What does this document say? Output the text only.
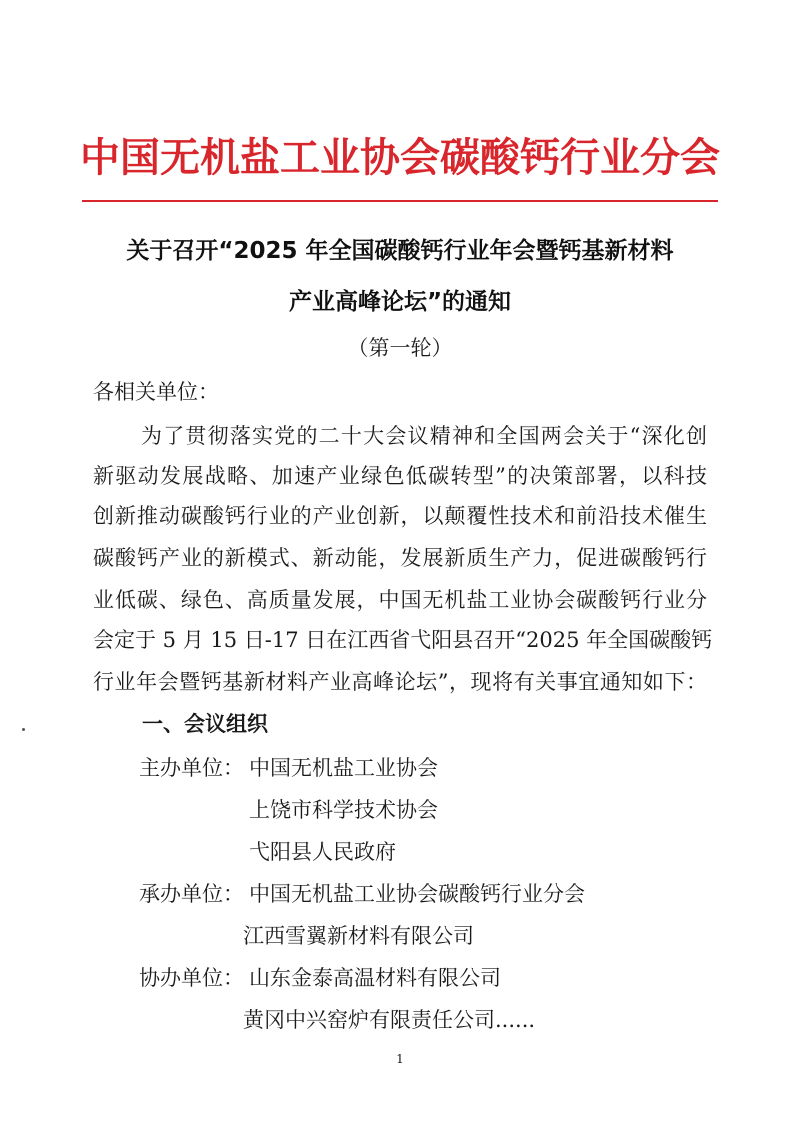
中国无机盐工业协会碳酸钙行业分会
关于召开“2025 年全国碳酸钙行业年会暨钙基新材料
产业高峰论坛”的通知
（第一轮）
各相关单位：
为了贯彻落实党的二十大会议精神和全国两会关于“深化创
新驱动发展战略、加速产业绿色低碳转型”的决策部署，以科技
创新推动碳酸钙行业的产业创新，以颠覆性技术和前沿技术催生
碳酸钙产业的新模式、新动能，发展新质生产力，促进碳酸钙行
业低碳、绿色、高质量发展，中国无机盐工业协会碳酸钙行业分
会定于 5 月 15 日-17 日在江西省弋阳县召开“2025 年全国碳酸钙
行业年会暨钙基新材料产业高峰论坛”，现将有关事宜通知如下：
一、会议组织
主办单位： 中国无机盐工业协会
上饶市科学技术协会
弋阳县人民政府
承办单位： 中国无机盐工业协会碳酸钙行业分会
江西雪翼新材料有限公司
协办单位： 山东金泰高温材料有限公司
黄冈中兴窑炉有限责任公司......
1
